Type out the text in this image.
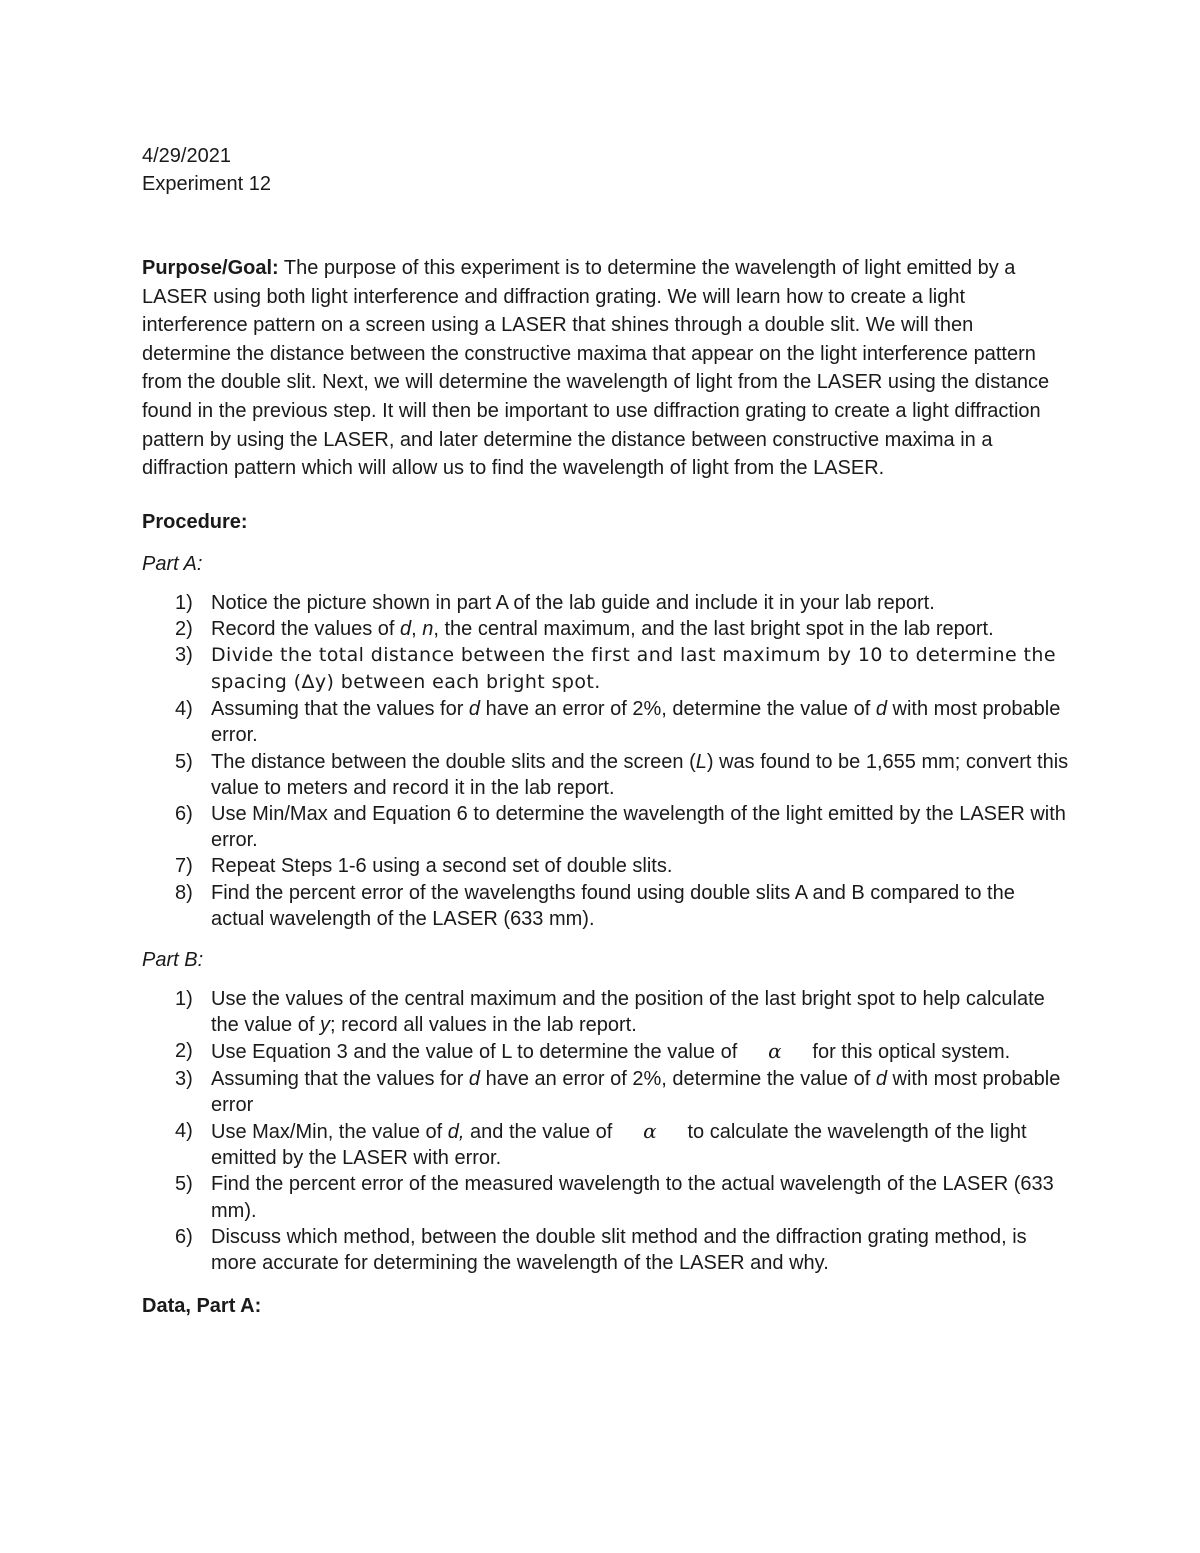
4/29/2021
Experiment 12
Purpose/Goal: The purpose of this experiment is to determine the wavelength of light emitted by a LASER using both light interference and diffraction grating. We will learn how to create a light interference pattern on a screen using a LASER that shines through a double slit. We will then determine the distance between the constructive maxima that appear on the light interference pattern from the double slit. Next, we will determine the wavelength of light from the LASER using the distance found in the previous step. It will then be important to use diffraction grating to create a light diffraction pattern by using the LASER, and later determine the distance between constructive maxima in a diffraction pattern which will allow us to find the wavelength of light from the LASER.
Procedure:
Part A:
1) Notice the picture shown in part A of the lab guide and include it in your lab report.
2) Record the values of d, n, the central maximum, and the last bright spot in the lab report.
3) Divide the total distance between the first and last maximum by 10 to determine the spacing (Δy) between each bright spot.
4) Assuming that the values for d have an error of 2%, determine the value of d with most probable error.
5) The distance between the double slits and the screen (L) was found to be 1,655 mm; convert this value to meters and record it in the lab report.
6) Use Min/Max and Equation 6 to determine the wavelength of the light emitted by the LASER with error.
7) Repeat Steps 1-6 using a second set of double slits.
8) Find the percent error of the wavelengths found using double slits A and B compared to the actual wavelength of the LASER (633 mm).
Part B:
1) Use the values of the central maximum and the position of the last bright spot to help calculate the value of y; record all values in the lab report.
2) Use Equation 3 and the value of L to determine the value of α for this optical system.
3) Assuming that the values for d have an error of 2%, determine the value of d with most probable error
4) Use Max/Min, the value of d, and the value of α to calculate the wavelength of the light emitted by the LASER with error.
5) Find the percent error of the measured wavelength to the actual wavelength of the LASER (633 mm).
6) Discuss which method, between the double slit method and the diffraction grating method, is more accurate for determining the wavelength of the LASER and why.
Data, Part A:
